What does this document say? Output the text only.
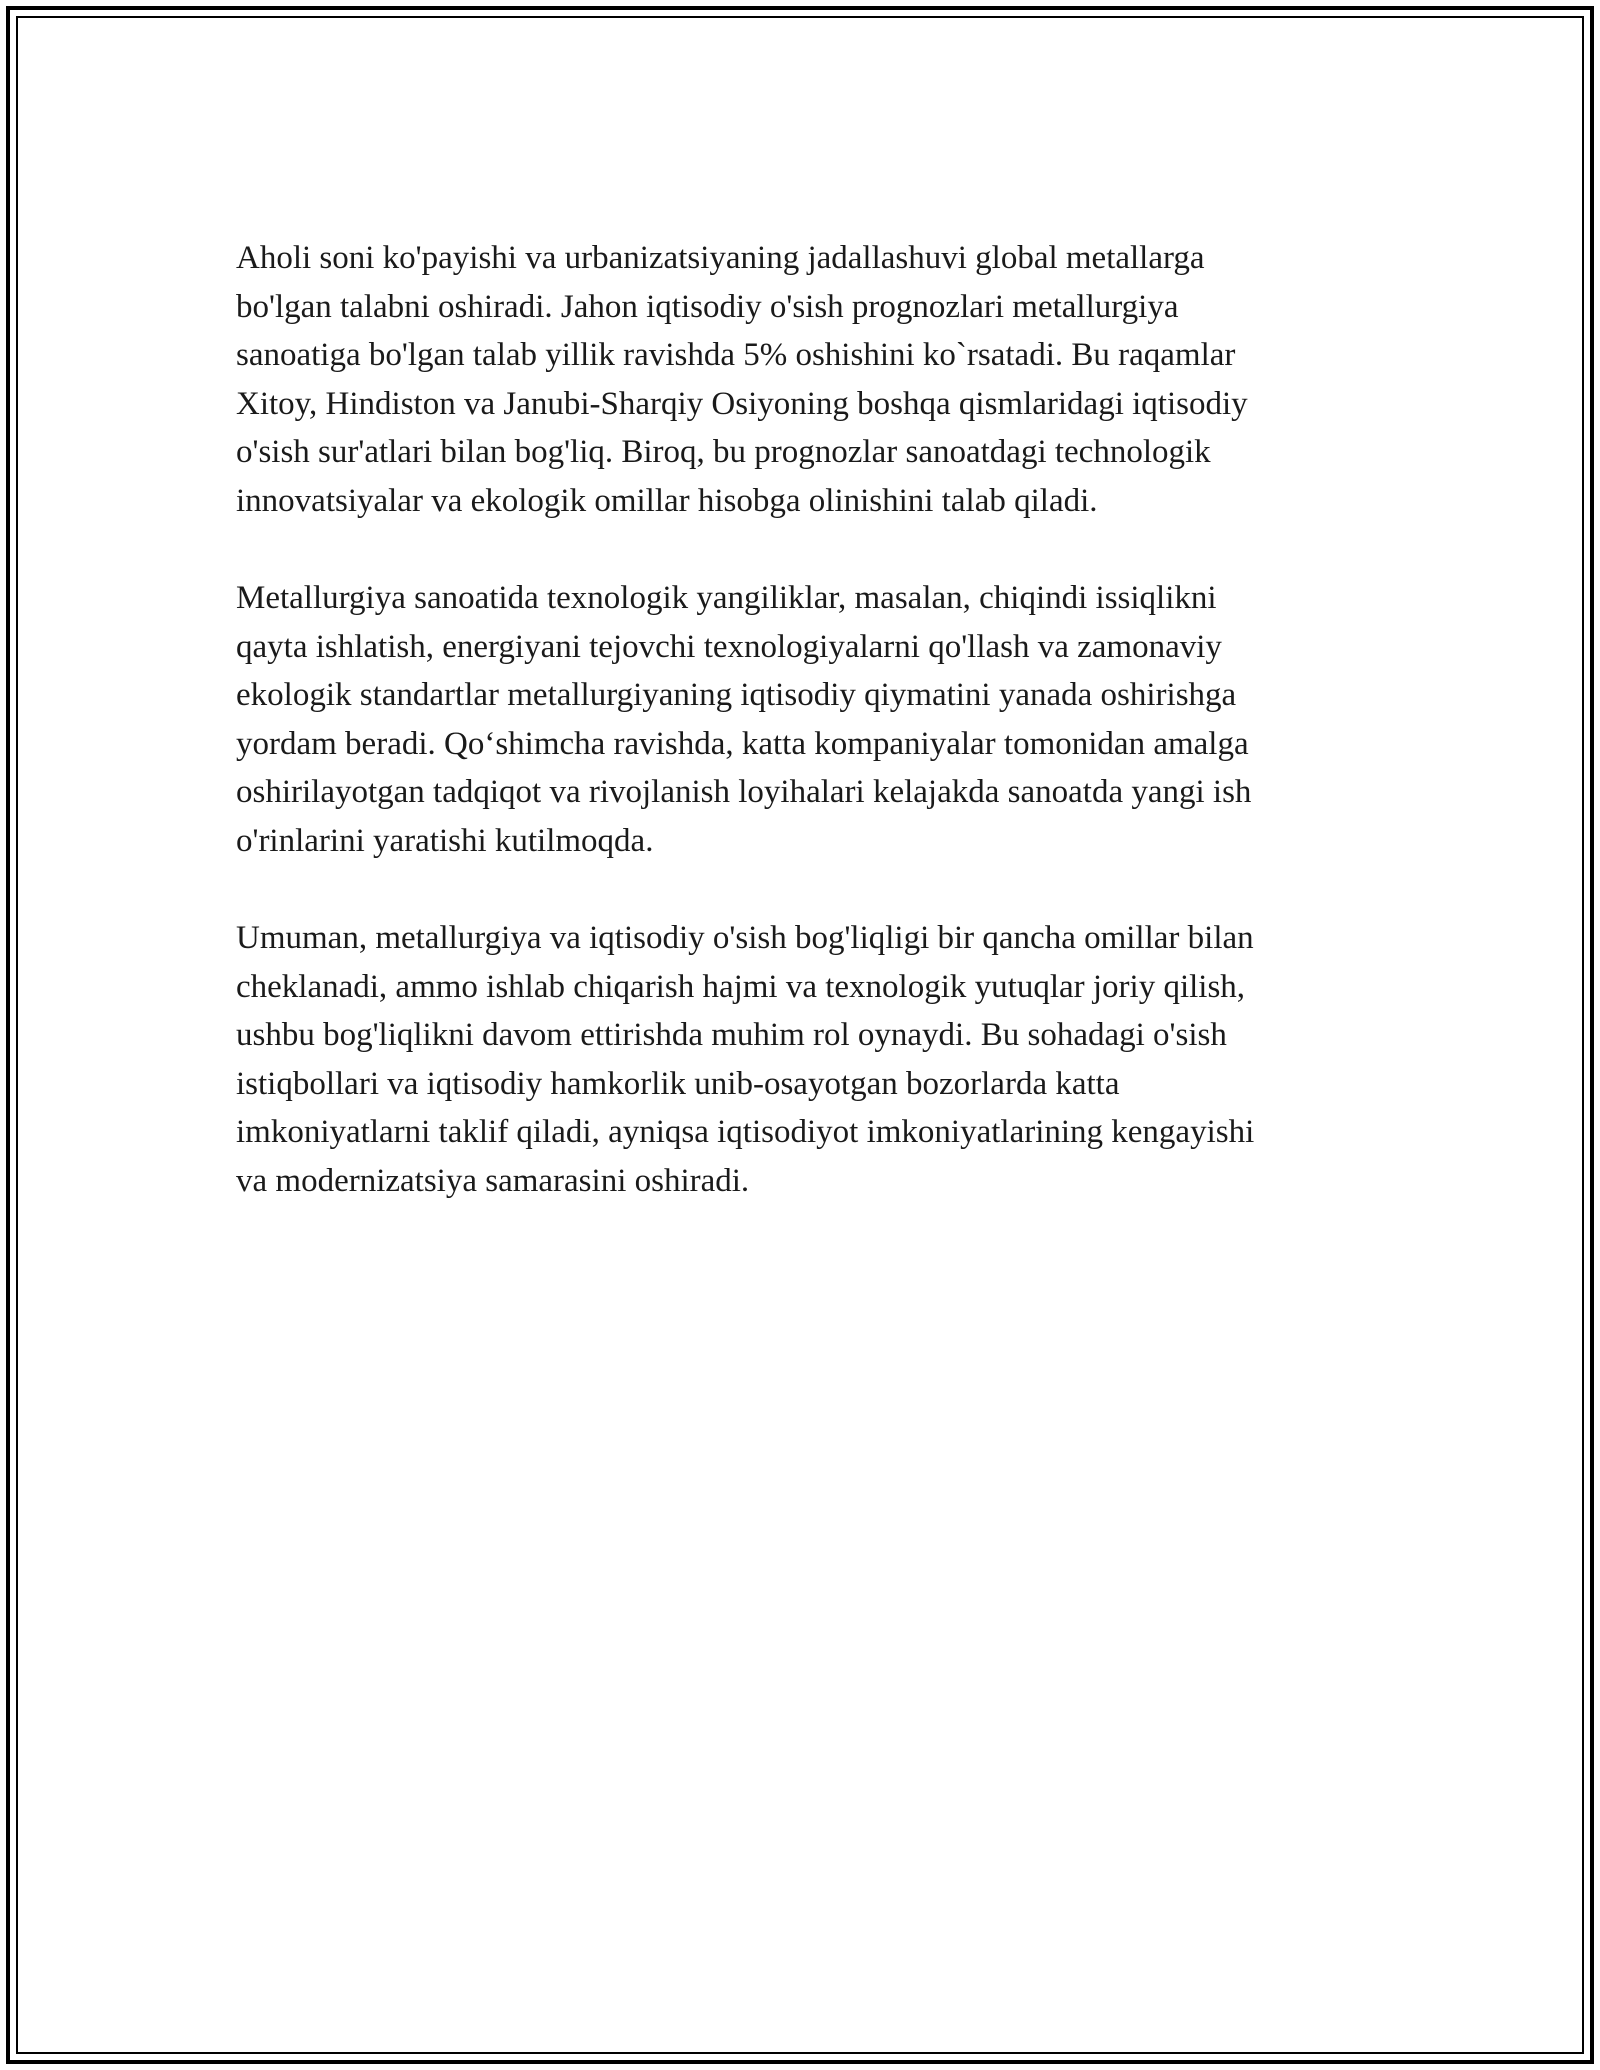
Aholi soni ko'payishi va urbanizatsiyaning jadallashuvi global metallarga
bo'lgan talabni oshiradi. Jahon iqtisodiy o'sish prognozlari metallurgiya
sanoatiga bo'lgan talab yillik ravishda 5% oshishini ko`rsatadi. Bu raqamlar
Xitoy, Hindiston va Janubi-Sharqiy Osiyoning boshqa qismlaridagi iqtisodiy
o'sish sur'atlari bilan bog'liq. Biroq, bu prognozlar sanoatdagi technologik
innovatsiyalar va ekologik omillar hisobga olinishini talab qiladi.

Metallurgiya sanoatida texnologik yangiliklar, masalan, chiqindi issiqlikni
qayta ishlatish, energiyani tejovchi texnologiyalarni qo'llash va zamonaviy
ekologik standartlar metallurgiyaning iqtisodiy qiymatini yanada oshirishga
yordam beradi. Qo‘shimcha ravishda, katta kompaniyalar tomonidan amalga
oshirilayotgan tadqiqot va rivojlanish loyihalari kelajakda sanoatda yangi ish
o'rinlarini yaratishi kutilmoqda.

Umuman, metallurgiya va iqtisodiy o'sish bog'liqligi bir qancha omillar bilan
cheklanadi, ammo ishlab chiqarish hajmi va texnologik yutuqlar joriy qilish,
ushbu bog'liqlikni davom ettirishda muhim rol oynaydi. Bu sohadagi o'sish
istiqbollari va iqtisodiy hamkorlik unib-osayotgan bozorlarda katta
imkoniyatlarni taklif qiladi, ayniqsa iqtisodiyot imkoniyatlarining kengayishi
va modernizatsiya samarasini oshiradi.
